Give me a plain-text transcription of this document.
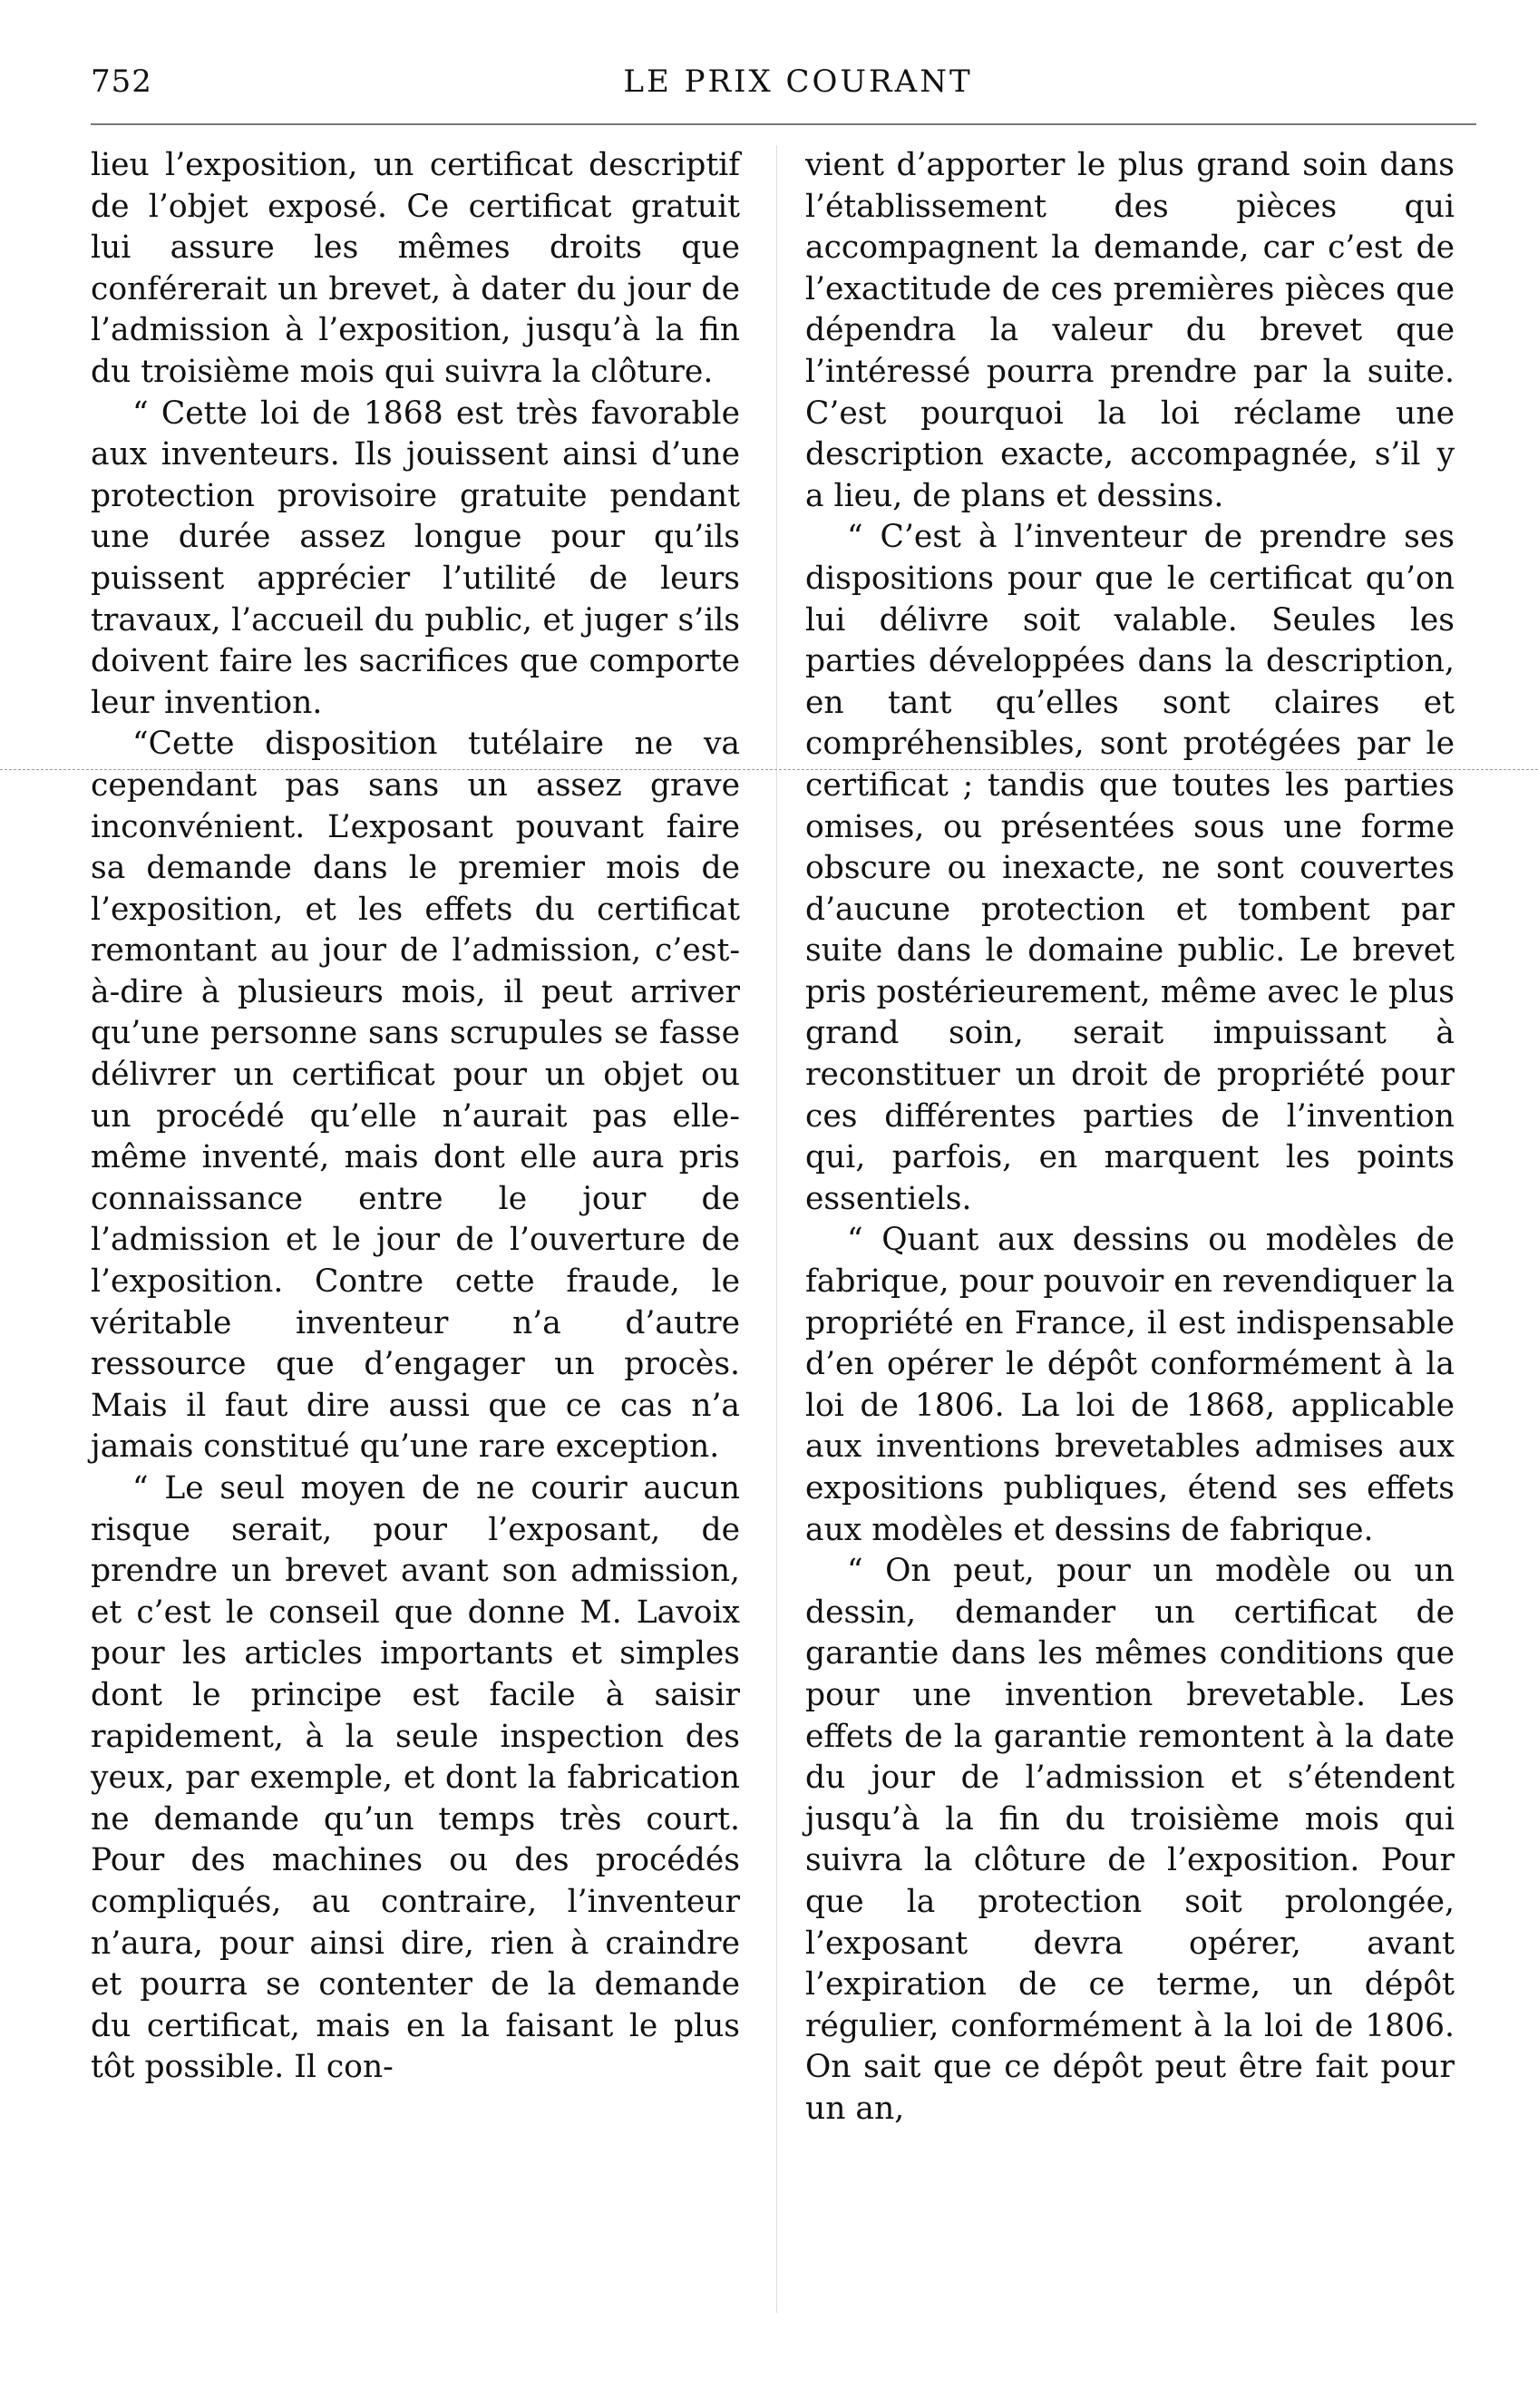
752	LE PRIX COURANT

lieu l’exposition, un certificat descriptif de l’objet exposé. Ce certificat gratuit lui assure les mêmes droits que conférerait un brevet, à dater du jour de l’admission à l’exposition, jusqu’à la fin du troisième mois qui suivra la clôture.

“ Cette loi de 1868 est très favorable aux inventeurs. Ils jouissent ainsi d’une protection provisoire gratuite pendant une durée assez longue pour qu’ils puissent apprécier l’utilité de leurs travaux, l’accueil du public, et juger s’ils doivent faire les sacrifices que comporte leur invention.

“Cette disposition tutélaire ne va cependant pas sans un assez grave inconvénient. L’exposant pouvant faire sa demande dans le premier mois de l’exposition, et les effets du certificat remontant au jour de l’admission, c’est-à-dire à plusieurs mois, il peut arriver qu’une personne sans scrupules se fasse délivrer un certificat pour un objet ou un procédé qu’elle n’aurait pas elle-même inventé, mais dont elle aura pris connaissance entre le jour de l’admission et le jour de l’ouverture de l’exposition. Contre cette fraude, le véritable inventeur n’a d’autre ressource que d’engager un procès. Mais il faut dire aussi que ce cas n’a jamais constitué qu’une rare exception.

“ Le seul moyen de ne courir aucun risque serait, pour l’exposant, de prendre un brevet avant son admission, et c’est le conseil que donne M. Lavoix pour les articles importants et simples dont le principe est facile à saisir rapidement, à la seule inspection des yeux, par exemple, et dont la fabrication ne demande qu’un temps très court. Pour des machines ou des procédés compliqués, au contraire, l’inventeur n’aura, pour ainsi dire, rien à craindre et pourra se contenter de la demande du certificat, mais en la faisant le plus tôt possible. Il con-

vient d’apporter le plus grand soin dans l’établissement des pièces qui accompagnent la demande, car c’est de l’exactitude de ces premières pièces que dépendra la valeur du brevet que l’intéressé pourra prendre par la suite. C’est pourquoi la loi réclame une description exacte, accompagnée, s’il y a lieu, de plans et dessins.

“ C’est à l’inventeur de prendre ses dispositions pour que le certificat qu’on lui délivre soit valable. Seules les parties développées dans la description, en tant qu’elles sont claires et compréhensibles, sont protégées par le certificat ; tandis que toutes les parties omises, ou présentées sous une forme obscure ou inexacte, ne sont couvertes d’aucune protection et tombent par suite dans le domaine public. Le brevet pris postérieurement, même avec le plus grand soin, serait impuissant à reconstituer un droit de propriété pour ces différentes parties de l’invention qui, parfois, en marquent les points essentiels.

“ Quant aux dessins ou modèles de fabrique, pour pouvoir en revendiquer la propriété en France, il est indispensable d’en opérer le dépôt conformément à la loi de 1806. La loi de 1868, applicable aux inventions brevetables admises aux expositions publiques, étend ses effets aux modèles et dessins de fabrique.

“ On peut, pour un modèle ou un dessin, demander un certificat de garantie dans les mêmes conditions que pour une invention brevetable. Les effets de la garantie remontent à la date du jour de l’admission et s’étendent jusqu’à la fin du troisième mois qui suivra la clôture de l’exposition. Pour que la protection soit prolongée, l’exposant devra opérer, avant l’expiration de ce terme, un dépôt régulier, conformément à la loi de 1806. On sait que ce dépôt peut être fait pour un an,
